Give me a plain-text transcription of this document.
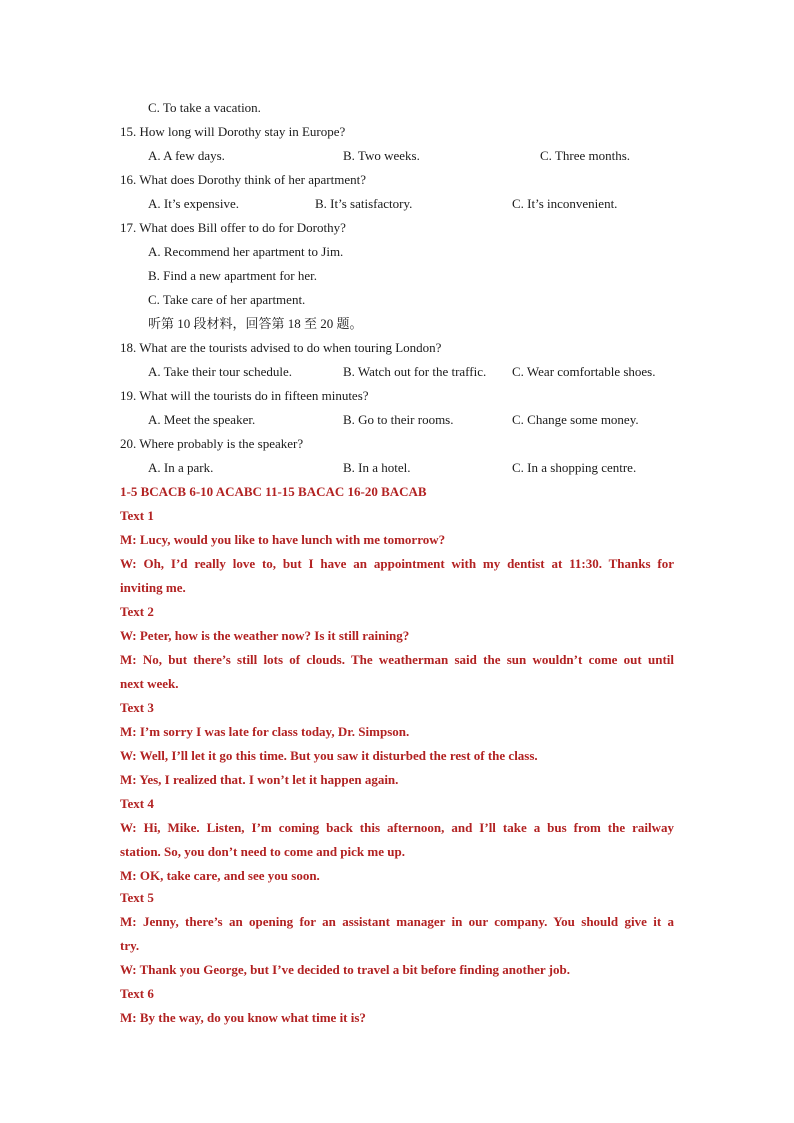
C. To take a vacation.
15. How long will Dorothy stay in Europe?
A. A few days.	B. Two weeks.	C. Three months.
16. What does Dorothy think of her apartment?
A. It’s expensive.	B. It’s satisfactory.	C. It’s inconvenient.
17. What does Bill offer to do for Dorothy?
A. Recommend her apartment to Jim.
B. Find a new apartment for her.
C. Take care of her apartment.
听第 10 段材料，回答第 18 至 20 题。
18. What are the tourists advised to do when touring London?
A. Take their tour schedule.	B. Watch out for the traffic. C. Wear comfortable shoes.
19. What will the tourists do in fifteen minutes?
A. Meet the speaker.	B. Go to their rooms.	C. Change some money.
20. Where probably is the speaker?
A. In a park.	B. In a hotel.	C. In a shopping centre.
1-5 BCACB 6-10 ACABC 11-15 BACAC 16-20 BACAB
Text 1
M: Lucy, would you like to have lunch with me tomorrow?
W: Oh, I’d really love to, but I have an appointment with my dentist at 11:30. Thanks for
inviting me.
Text 2
W: Peter, how is the weather now? Is it still raining?
M: No, but there’s still lots of clouds. The weatherman said the sun wouldn’t come out until
next week.
Text 3
M: I’m sorry I was late for class today, Dr. Simpson.
W: Well, I’ll let it go this time. But you saw it disturbed the rest of the class.
M: Yes, I realized that. I won’t let it happen again.
Text 4
W: Hi, Mike. Listen, I’m coming back this afternoon, and I’ll take a bus from the railway
station. So, you don’t need to come and pick me up.
M: OK, take care, and see you soon.
Text 5
M: Jenny, there’s an opening for an assistant manager in our company. You should give it a
try.
W: Thank you George, but I’ve decided to travel a bit before finding another job.
Text 6
M: By the way, do you know what time it is?
